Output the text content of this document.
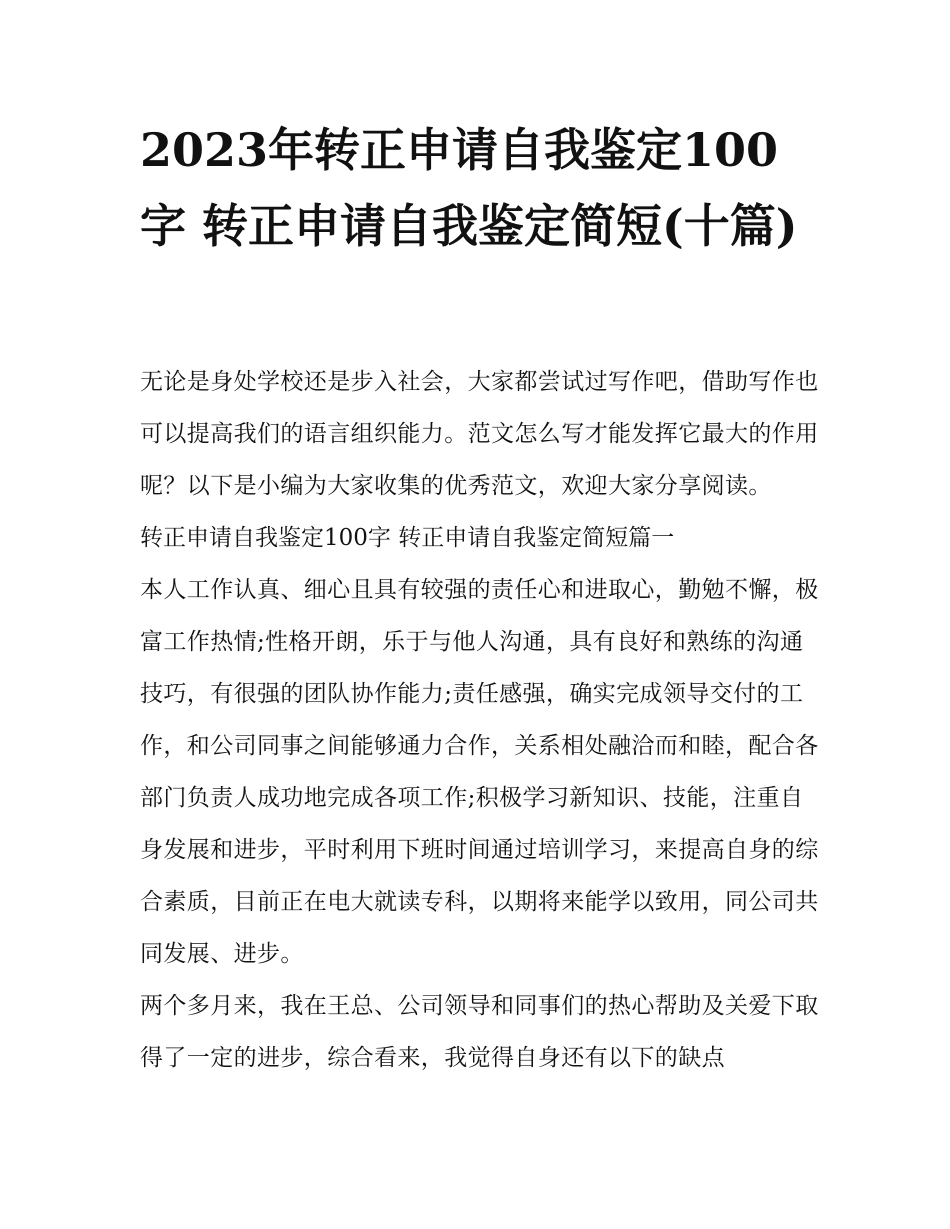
2023年转正申请自我鉴定100字 转正申请自我鉴定简短(十篇)

无论是身处学校还是步入社会，大家都尝试过写作吧，借助写作也可以提高我们的语言组织能力。范文怎么写才能发挥它最大的作用呢？以下是小编为大家收集的优秀范文，欢迎大家分享阅读。

转正申请自我鉴定100字 转正申请自我鉴定简短篇一

本人工作认真、细心且具有较强的责任心和进取心，勤勉不懈，极富工作热情;性格开朗，乐于与他人沟通，具有良好和熟练的沟通技巧，有很强的团队协作能力;责任感强，确实完成领导交付的工作，和公司同事之间能够通力合作，关系相处融洽而和睦，配合各部门负责人成功地完成各项工作;积极学习新知识、技能，注重自身发展和进步，平时利用下班时间通过培训学习，来提高自身的综合素质，目前正在电大就读专科，以期将来能学以致用，同公司共同发展、进步。

两个多月来，我在王总、公司领导和同事们的热心帮助及关爱下取得了一定的进步，综合看来，我觉得自身还有以下的缺点
